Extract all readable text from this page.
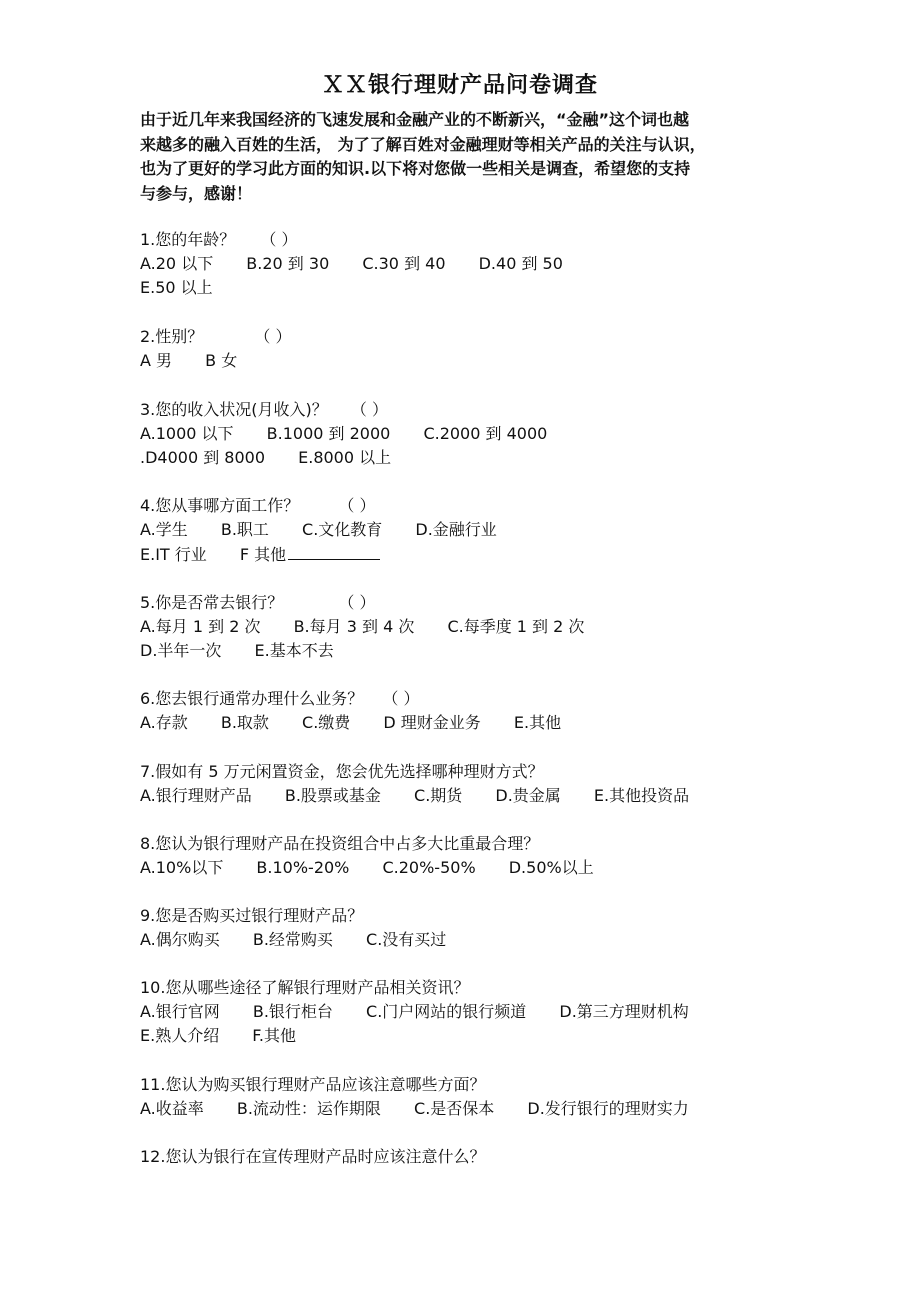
ＸＸ银行理财产品问卷调查
由于近几年来我国经济的飞速发展和金融产业的不断新兴，“金融”这个词也越
来越多的融入百姓的生活， 为了了解百姓对金融理财等相关产品的关注与认识，
也为了更好的学习此方面的知识.以下将对您做一些相关是调查，希望您的支持
与参与，感谢！
1.您的年龄？ （ ）
A.20 以下 B.20 到 30 C.30 到 40 D.40 到 50
E.50 以上
2.性别？	（ ）
A 男 B 女
3.您的收入状况(月收入)？ （ ）
A.1000 以下 B.1000 到 2000 C.2000 到 4000
.D4000 到 8000 E.8000 以上
4.您从事哪方面工作？ （ ）
A.学生 B.职工 C.文化教育 D.金融行业
E.IT 行业 F 其他
5.你是否常去银行？	（ ）
A.每月 1 到 2 次 B.每月 3 到 4 次 C.每季度 1 到 2 次
D.半年一次 E.基本不去
6.您去银行通常办理什么业务？ （ ）
A.存款 B.取款 C.缴费 D 理财金业务 E.其他
7.假如有 5 万元闲置资金，您会优先选择哪种理财方式？
A.银行理财产品 B.股票或基金 C.期货 D.贵金属 E.其他投资品
8.您认为银行理财产品在投资组合中占多大比重最合理？
A.10%以下 B.10%-20% C.20%-50% D.50%以上
9.您是否购买过银行理财产品？
A.偶尔购买 B.经常购买 C.没有买过
10.您从哪些途径了解银行理财产品相关资讯？
A.银行官网 B.银行柜台 C.门户网站的银行频道 D.第三方理财机构
E.熟人介绍 F.其他
11.您认为购买银行理财产品应该注意哪些方面？
A.收益率 B.流动性：运作期限 C.是否保本 D.发行银行的理财实力
12.您认为银行在宣传理财产品时应该注意什么？
